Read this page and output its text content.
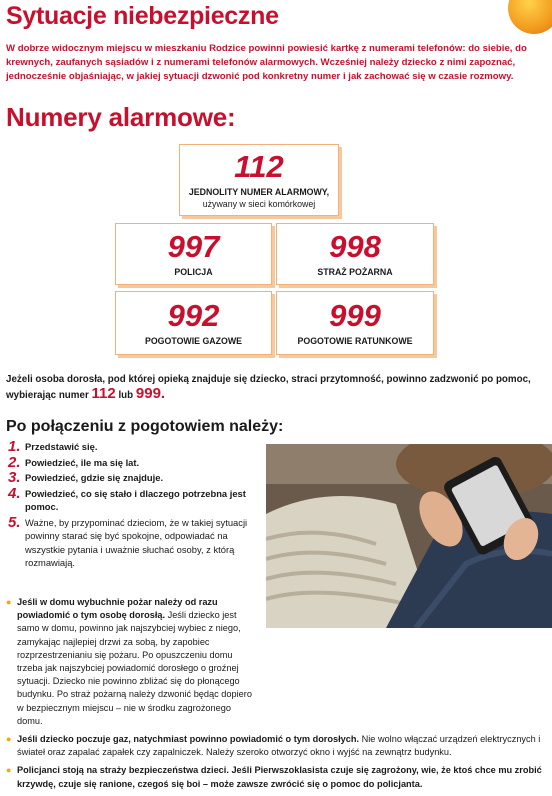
Sytuacje niebezpieczne
W dobrze widocznym miejscu w mieszkaniu Rodzice powinni powiesić kartkę z numerami telefonów: do siebie, do krewnych, zaufanych sąsiadów i z numerami telefonów alarmowych. Wcześniej należy dziecko z nimi zapoznać, jednocześnie objaśniając, w jakiej sytuacji dzwonić pod konkretny numer i jak zachować się w czasie rozmowy.
Numery alarmowe:
112
JEDNOLITY NUMER ALARMOWY,
używany w sieci komórkowej
997
POLICJA
998
STRAŻ POŻARNA
992
POGOTOWIE GAZOWE
999
POGOTOWIE RATUNKOWE
Jeżeli osoba dorosła, pod której opieką znajduje się dziecko, straci przytomność, powinno zadzwonić po pomoc, wybierając numer 112 lub 999.
Po połączeniu z pogotowiem należy:
1. Przedstawić się.
2. Powiedzieć, ile ma się lat.
3. Powiedzieć, gdzie się znajduje.
4. Powiedzieć, co się stało i dlaczego potrzebna jest pomoc.
5. Ważne, by przypominać dzieciom, że w takiej sytuacji powinny starać się być spokojne, odpowiadać na wszystkie pytania i uważnie słuchać osoby, z którą rozmawiają.
● Jeśli w domu wybuchnie pożar należy od razu powiadomić o tym osobę dorosłą. Jeśli dziecko jest samo w domu, powinno jak najszybciej wybiec z niego, zamykając najlepiej drzwi za sobą, by zapobiec rozprzestrzenianiu się pożaru. Po opuszczeniu domu trzeba jak najszybciej powiadomić dorosłego o groźnej sytuacji. Dziecko nie powinno zbliżać się do płonącego budynku. Po straż pożarną należy dzwonić będąc dopiero w bezpiecznym miejscu – nie w środku zagrożonego domu.
● Jeśli dziecko poczuje gaz, natychmiast powinno powiadomić o tym dorosłych. Nie wolno włączać urządzeń elektrycznych i świateł oraz zapalać zapałek czy zapalniczek. Należy szeroko otworzyć okno i wyjść na zewnątrz budynku.
● Policjanci stoją na straży bezpieczeństwa dzieci. Jeśli Pierwszoklasista czuje się zagrożony, wie, że ktoś chce mu zrobić krzywdę, czuje się ranione, czegoś się boi – może zawsze zwrócić się o pomoc do policjanta.
